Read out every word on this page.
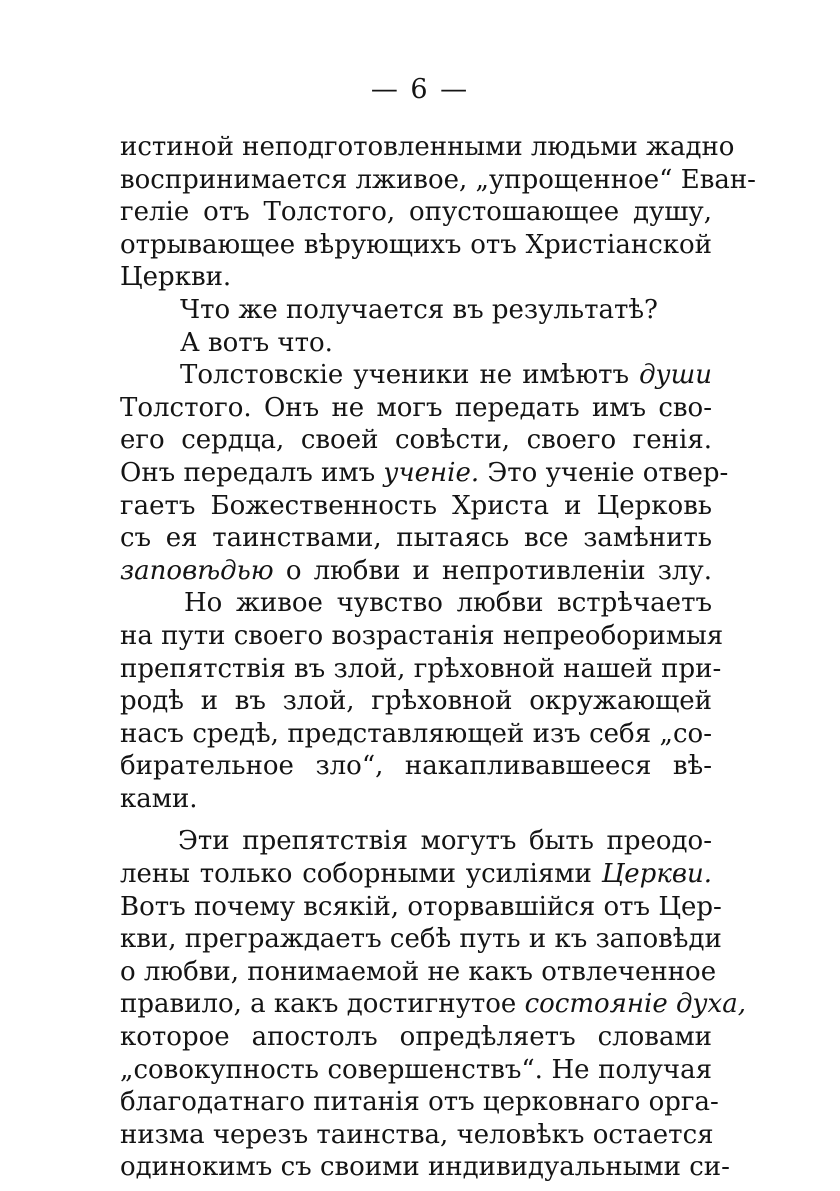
— 6 —
истиной неподготовленными людьми жадно
воспринимается лживое, „упрощенное“ Еван-
геліе отъ Толстого, опустошающее душу,
отрывающее вѣрующихъ отъ Христіанской
Церкви.
Что же получается въ результатѣ?
А вотъ что.
Толстовскіе ученики не имѣютъ душu
Толстого. Онъ не могъ передать имъ сво-
его сердца, своей совѣсти, своего генія.
Онъ передалъ имъ ученіе. Это ученіе отвер-
гаетъ Божественность Христа и Церковь
съ ея таинствами, пытаясь все замѣнить
заповѣдью о любви и непротивленіи злу.
Но живое чувство любви встрѣчаетъ
на пути своего возрастанія непреоборимыя
препятствія въ злой, грѣховной нашей при-
родѣ и въ злой, грѣховной окружающей
насъ средѣ, представляющей изъ себя „со-
бирательное зло“, накапливавшееся вѣ-
ками.
Эти препятствія могутъ быть преодо-
лены только соборными усиліями Церкви.
Вотъ почему всякій, оторвавшійся отъ Цер-
кви, преграждаетъ себѣ путь и къ заповѣди
о любви, понимаемой не какъ отвлеченное
правило, а какъ достигнутое состояніе духа,
которое апостолъ опредѣляетъ словами
„совокупность совершенствъ“. Не получая
благодатнаго питанія отъ церковнаго орга-
низма черезъ таинства, человѣкъ остается
одинокимъ съ своими индивидуальными си-
